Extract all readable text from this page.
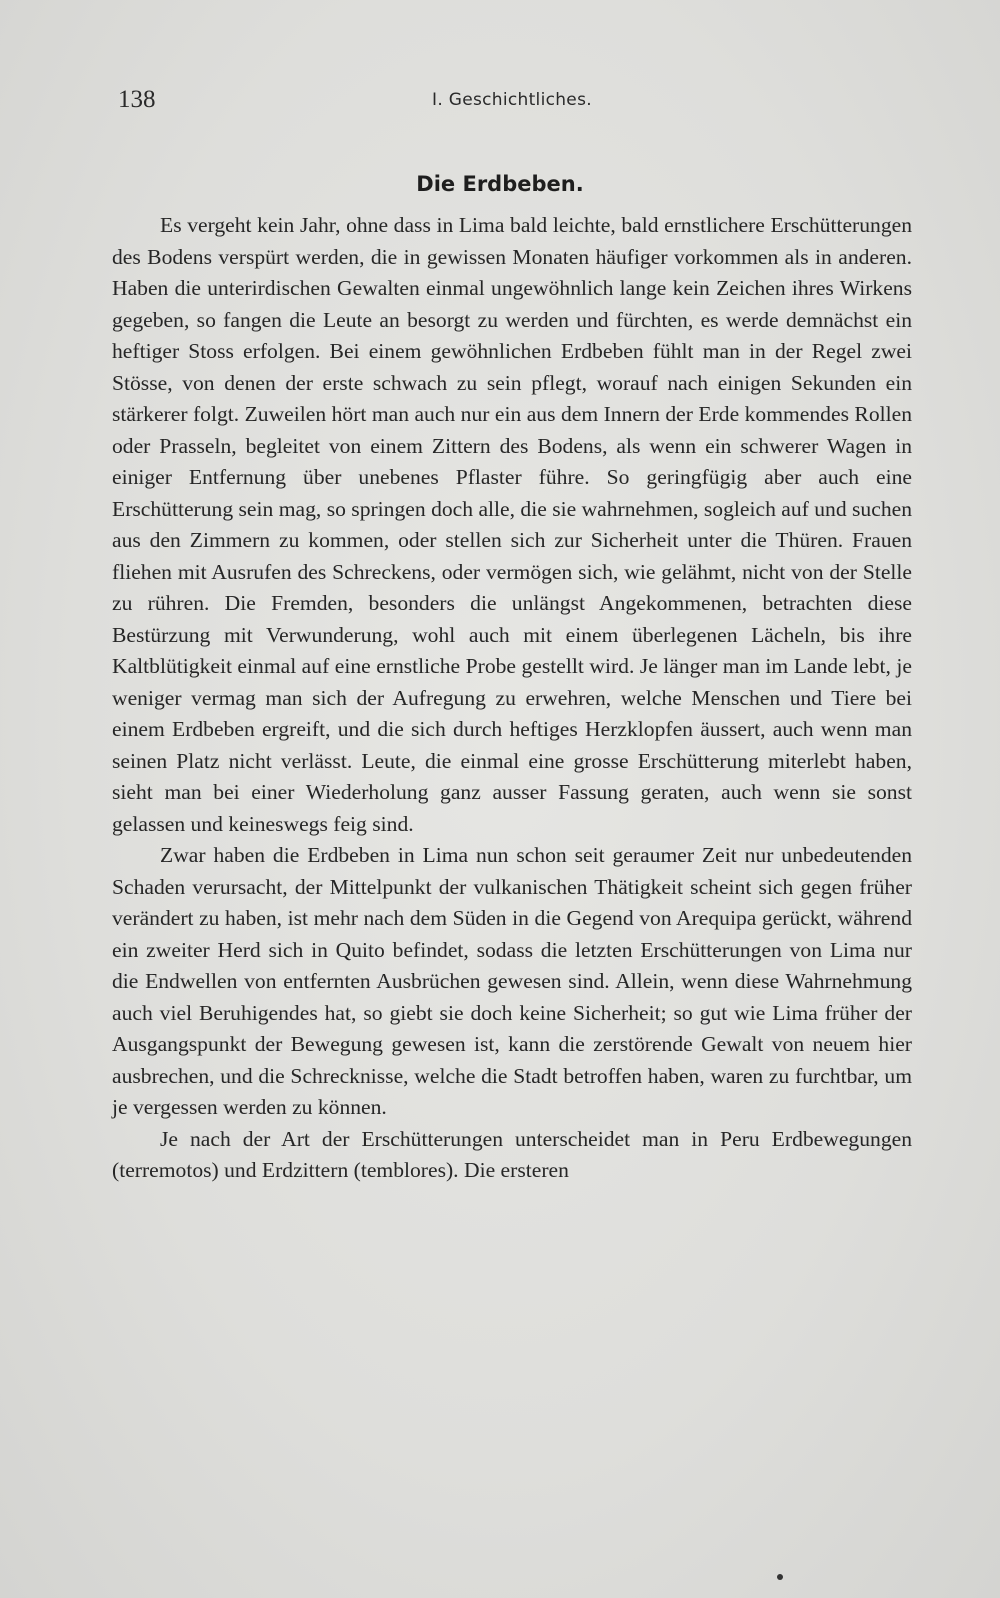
138	I. Geschichtliches.
Die Erdbeben.

Es vergeht kein Jahr, ohne dass in Lima bald leichte, bald ernstlichere Erschütterungen des Bodens verspürt werden, die in gewissen Monaten häufiger vorkommen als in anderen. Haben die unterirdischen Gewalten einmal ungewöhnlich lange kein Zeichen ihres Wirkens gegeben, so fangen die Leute an besorgt zu werden und fürchten, es werde demnächst ein heftiger Stoss erfolgen. Bei einem gewöhnlichen Erdbeben fühlt man in der Regel zwei Stösse, von denen der erste schwach zu sein pflegt, worauf nach einigen Sekunden ein stärkerer folgt. Zuweilen hört man auch nur ein aus dem Innern der Erde kommendes Rollen oder Prasseln, begleitet von einem Zittern des Bodens, als wenn ein schwerer Wagen in einiger Entfernung über unebenes Pflaster führe. So geringfügig aber auch eine Erschütterung sein mag, so springen doch alle, die sie wahrnehmen, sogleich auf und suchen aus den Zimmern zu kommen, oder stellen sich zur Sicherheit unter die Thüren. Frauen fliehen mit Ausrufen des Schreckens, oder vermögen sich, wie gelähmt, nicht von der Stelle zu rühren. Die Fremden, besonders die unlängst Angekommenen, betrachten diese Bestürzung mit Verwunderung, wohl auch mit einem überlegenen Lächeln, bis ihre Kaltblütigkeit einmal auf eine ernstliche Probe gestellt wird. Je länger man im Lande lebt, je weniger vermag man sich der Aufregung zu erwehren, welche Menschen und Tiere bei einem Erdbeben ergreift, und die sich durch heftiges Herzklopfen äussert, auch wenn man seinen Platz nicht verlässt. Leute, die einmal eine grosse Erschütterung miterlebt haben, sieht man bei einer Wiederholung ganz ausser Fassung geraten, auch wenn sie sonst gelassen und keineswegs feig sind.

Zwar haben die Erdbeben in Lima nun schon seit geraumer Zeit nur unbedeutenden Schaden verursacht, der Mittelpunkt der vulkanischen Thätigkeit scheint sich gegen früher verändert zu haben, ist mehr nach dem Süden in die Gegend von Arequipa gerückt, während ein zweiter Herd sich in Quito befindet, sodass die letzten Erschütterungen von Lima nur die Endwellen von entfernten Ausbrüchen gewesen sind. Allein, wenn diese Wahrnehmung auch viel Beruhigendes hat, so giebt sie doch keine Sicherheit; so gut wie Lima früher der Ausgangspunkt der Bewegung gewesen ist, kann die zerstörende Gewalt von neuem hier ausbrechen, und die Schrecknisse, welche die Stadt betroffen haben, waren zu furchtbar, um je vergessen werden zu können.

Je nach der Art der Erschütterungen unterscheidet man in Peru Erdbewegungen (terremotos) und Erdzittern (temblores). Die ersteren
